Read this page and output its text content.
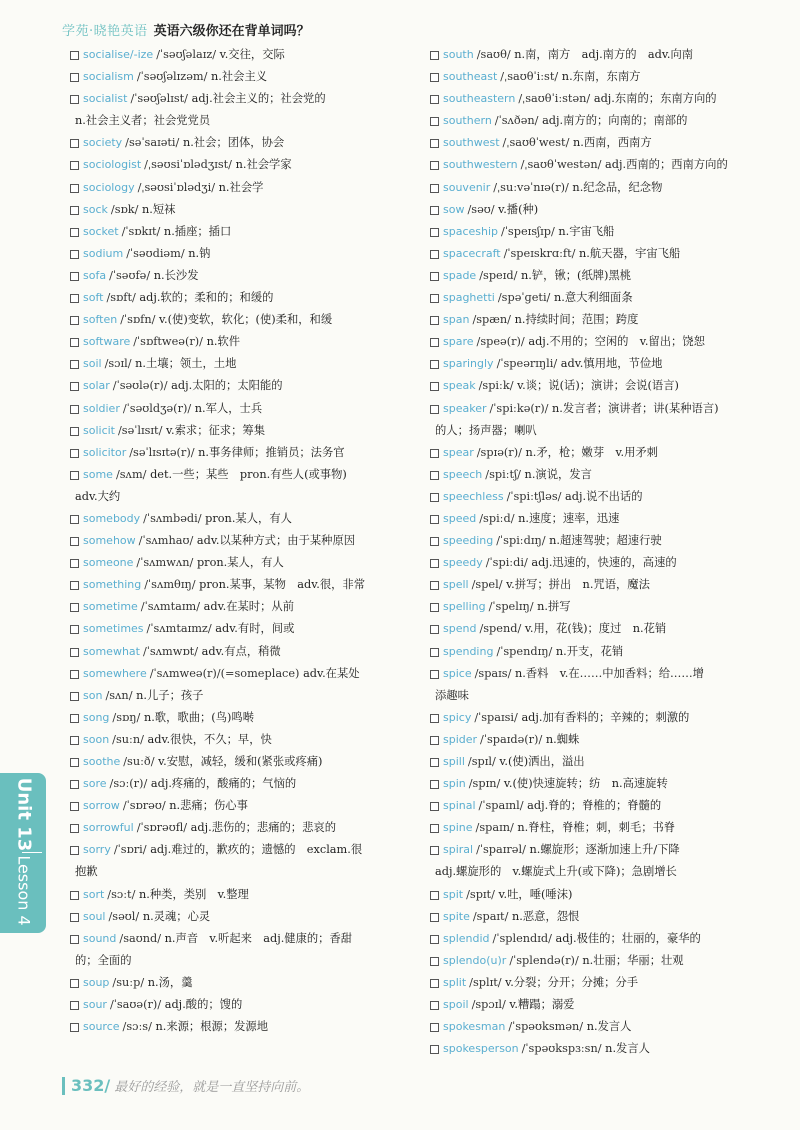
学苑·晓艳英语 英语六级你还在背单词吗？
socialise/-ize /ˈsəʊʃəlaɪz/ v.交往，交际
socialism /ˈsəʊʃəlɪzəm/ n.社会主义
socialist /ˈsəʊʃəlɪst/ adj.社会主义的；社会党的
n.社会主义者；社会党党员
society /səˈsaɪəti/ n.社会；团体，协会
sociologist /ˌsəʊsiˈɒlədʒɪst/ n.社会学家
sociology /ˌsəʊsiˈɒlədʒi/ n.社会学
sock /sɒk/ n.短袜
socket /ˈsɒkɪt/ n.插座；插口
sodium /ˈsəʊdiəm/ n.钠
sofa /ˈsəʊfə/ n.长沙发
soft /sɒft/ adj.软的；柔和的；和缓的
soften /ˈsɒfn/ v.(使)变软，软化；(使)柔和，和缓
software /ˈsɒftweə(r)/ n.软件
soil /sɔɪl/ n.土壤；领土，土地
solar /ˈsəʊlə(r)/ adj.太阳的；太阳能的
soldier /ˈsəʊldʒə(r)/ n.军人，士兵
solicit /səˈlɪsɪt/ v.索求；征求；筹集
solicitor /səˈlɪsɪtə(r)/ n.事务律师；推销员；法务官
some /sʌm/ det.一些；某些　pron.有些人(或事物)
adv.大约
somebody /ˈsʌmbədi/ pron.某人，有人
somehow /ˈsʌmhaʊ/ adv.以某种方式；由于某种原因
someone /ˈsʌmwʌn/ pron.某人，有人
something /ˈsʌmθɪŋ/ pron.某事，某物　adv.很，非常
sometime /ˈsʌmtaɪm/ adv.在某时；从前
sometimes /ˈsʌmtaɪmz/ adv.有时，间或
somewhat /ˈsʌmwɒt/ adv.有点，稍微
somewhere /ˈsʌmweə(r)/(=someplace) adv.在某处
son /sʌn/ n.儿子；孩子
song /sɒŋ/ n.歌，歌曲；(鸟)鸣啭
soon /suːn/ adv.很快，不久；早，快
soothe /suːð/ v.安慰，减轻，缓和(紧张或疼痛)
sore /sɔː(r)/ adj.疼痛的，酸痛的；气恼的
sorrow /ˈsɒrəʊ/ n.悲痛；伤心事
sorrowful /ˈsɒrəʊfl/ adj.悲伤的；悲痛的；悲哀的
sorry /ˈsɒri/ adj.难过的，歉疚的；遗憾的　exclam.很
抱歉
sort /sɔːt/ n.种类，类别　v.整理
soul /səʊl/ n.灵魂；心灵
sound /saʊnd/ n.声音　v.听起来　adj.健康的；香甜
的；全面的
soup /suːp/ n.汤，羹
sour /ˈsaʊə(r)/ adj.酸的；馊的
source /sɔːs/ n.来源；根源；发源地
south /saʊθ/ n.南，南方　adj.南方的　adv.向南
southeast /ˌsaʊθˈiːst/ n.东南，东南方
southeastern /ˌsaʊθˈiːstən/ adj.东南的；东南方向的
southern /ˈsʌðən/ adj.南方的；向南的；南部的
southwest /ˌsaʊθˈwest/ n.西南，西南方
southwestern /ˌsaʊθˈwestən/ adj.西南的；西南方向的
souvenir /ˌsuːvəˈnɪə(r)/ n.纪念品，纪念物
sow /səʊ/ v.播(种)
spaceship /ˈspeɪsʃɪp/ n.宇宙飞船
spacecraft /ˈspeɪskrɑːft/ n.航天器，宇宙飞船
spade /speɪd/ n.铲，锹；(纸牌)黑桃
spaghetti /spəˈɡeti/ n.意大利细面条
span /spæn/ n.持续时间；范围；跨度
spare /speə(r)/ adj.不用的；空闲的　v.留出；饶恕
sparingly /ˈspeərɪŋli/ adv.慎用地，节俭地
speak /spiːk/ v.谈；说(话)；演讲；会说(语言)
speaker /ˈspiːkə(r)/ n.发言者；演讲者；讲(某种语言)
的人；扬声器；喇叭
spear /spɪə(r)/ n.矛，枪；嫩芽　v.用矛刺
speech /spiːtʃ/ n.演说，发言
speechless /ˈspiːtʃləs/ adj.说不出话的
speed /spiːd/ n.速度；速率，迅速
speeding /ˈspiːdɪŋ/ n.超速驾驶；超速行驶
speedy /ˈspiːdi/ adj.迅速的，快速的，高速的
spell /spel/ v.拼写；拼出　n.咒语，魔法
spelling /ˈspelɪŋ/ n.拼写
spend /spend/ v.用，花(钱)；度过　n.花销
spending /ˈspendɪŋ/ n.开支，花销
spice /spaɪs/ n.香料　v.在……中加香料；给……增
添趣味
spicy /ˈspaɪsi/ adj.加有香料的；辛辣的；刺激的
spider /ˈspaɪdə(r)/ n.蜘蛛
spill /spɪl/ v.(使)洒出，溢出
spin /spɪn/ v.(使)快速旋转；纺　n.高速旋转
spinal /ˈspaɪnl/ adj.脊的；脊椎的；脊髓的
spine /spaɪn/ n.脊柱，脊椎；刺，刺毛；书脊
spiral /ˈspaɪrəl/ n.螺旋形；逐渐加速上升/下降
adj.螺旋形的　v.螺旋式上升(或下降)；急剧增长
spit /spɪt/ v.吐，唾(唾沫)
spite /spaɪt/ n.恶意，怨恨
splendid /ˈsplendɪd/ adj.极佳的；壮丽的，豪华的
splendo(u)r /ˈsplendə(r)/ n.壮丽；华丽；壮观
split /splɪt/ v.分裂；分开；分摊；分手
spoil /spɔɪl/ v.糟蹋；溺爱
spokesman /ˈspəʊksmən/ n.发言人
spokesperson /ˈspəʊkspɜːsn/ n.发言人
Unit 13
Lesson 4
332/ 最好的经验，就是一直坚持向前。
